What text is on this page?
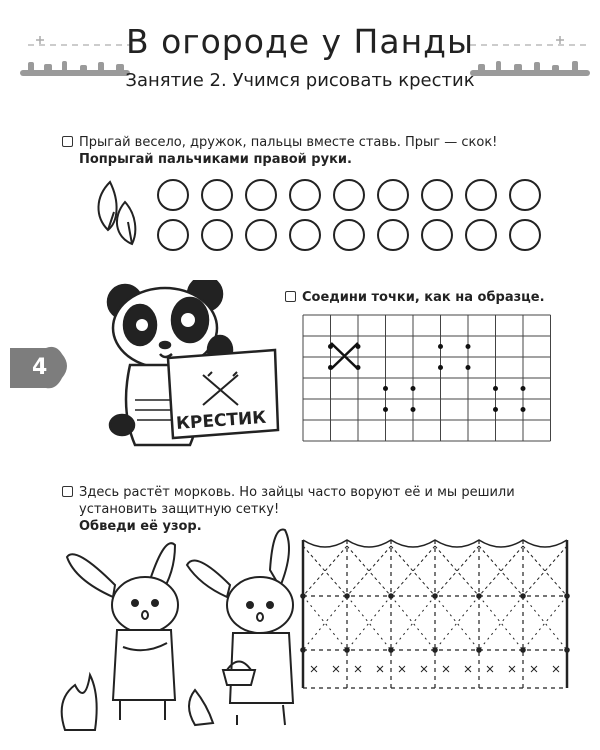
В огороде у Панды
Занятие 2. Учимся рисовать крестик
Прыгай весело, дружок, пальцы вместе ставь. Прыг — скок!
Попрыгай пальчиками правой руки.
Соедини точки, как на образце.
КРЕСТИК
4
Здесь растёт морковь. Но зайцы часто воруют её и мы решили
установить защитную сетку!
Обведи её узор.
